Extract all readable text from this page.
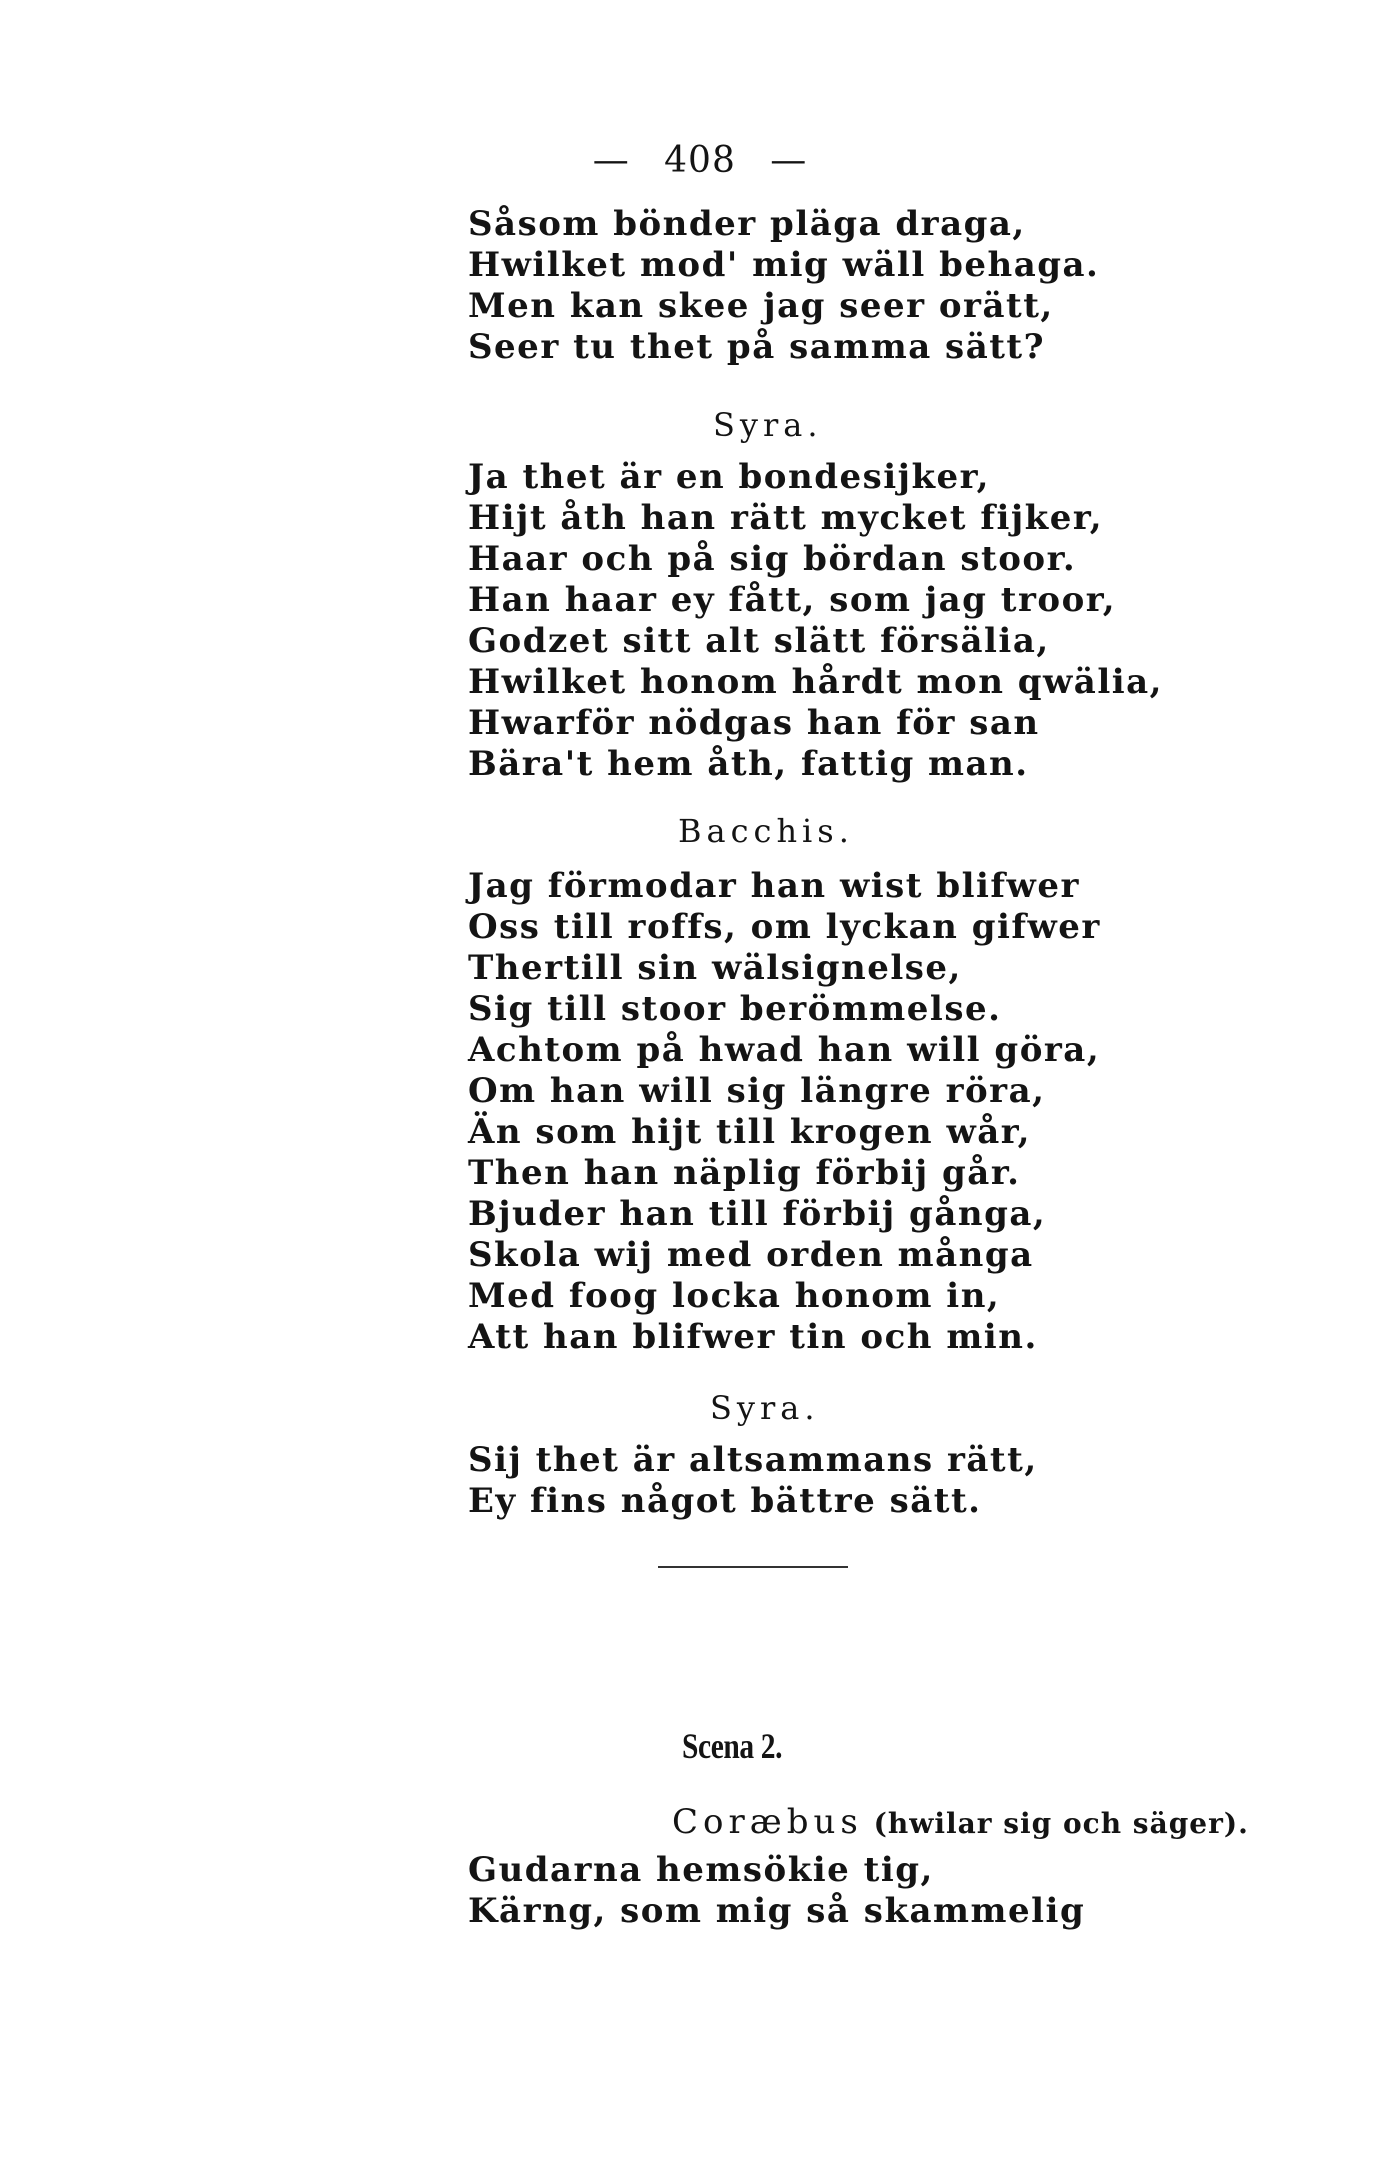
— 408 —
Såsom bönder pläga draga,
Hwilket mod' mig wäll behaga.
Men kan skee jag seer orätt,
Seer tu thet på samma sätt?
Syra.
Ja thet är en bondesijker,
Hijt åth han rätt mycket fijker,
Haar och på sig bördan stoor.
Han haar ey fått, som jag troor,
Godzet sitt alt slätt försälia,
Hwilket honom hårdt mon qwälia,
Hwarför nödgas han för san
Bära't hem åth, fattig man.
Bacchis.
Jag förmodar han wist blifwer
Oss till roffs, om lyckan gifwer
Thertill sin wälsignelse,
Sig till stoor berömmelse.
Achtom på hwad han will göra,
Om han will sig längre röra,
Än som hijt till krogen wår,
Then han näplig förbij går.
Bjuder han till förbij gånga,
Skola wij med orden många
Med foog locka honom in,
Att han blifwer tin och min.
Syra.
Sij thet är altsammans rätt,
Ey fins något bättre sätt.
Scena 2.
Coræbus (hwilar sig och säger).
Gudarna hemsökie tig,
Kärng, som mig så skammelig
